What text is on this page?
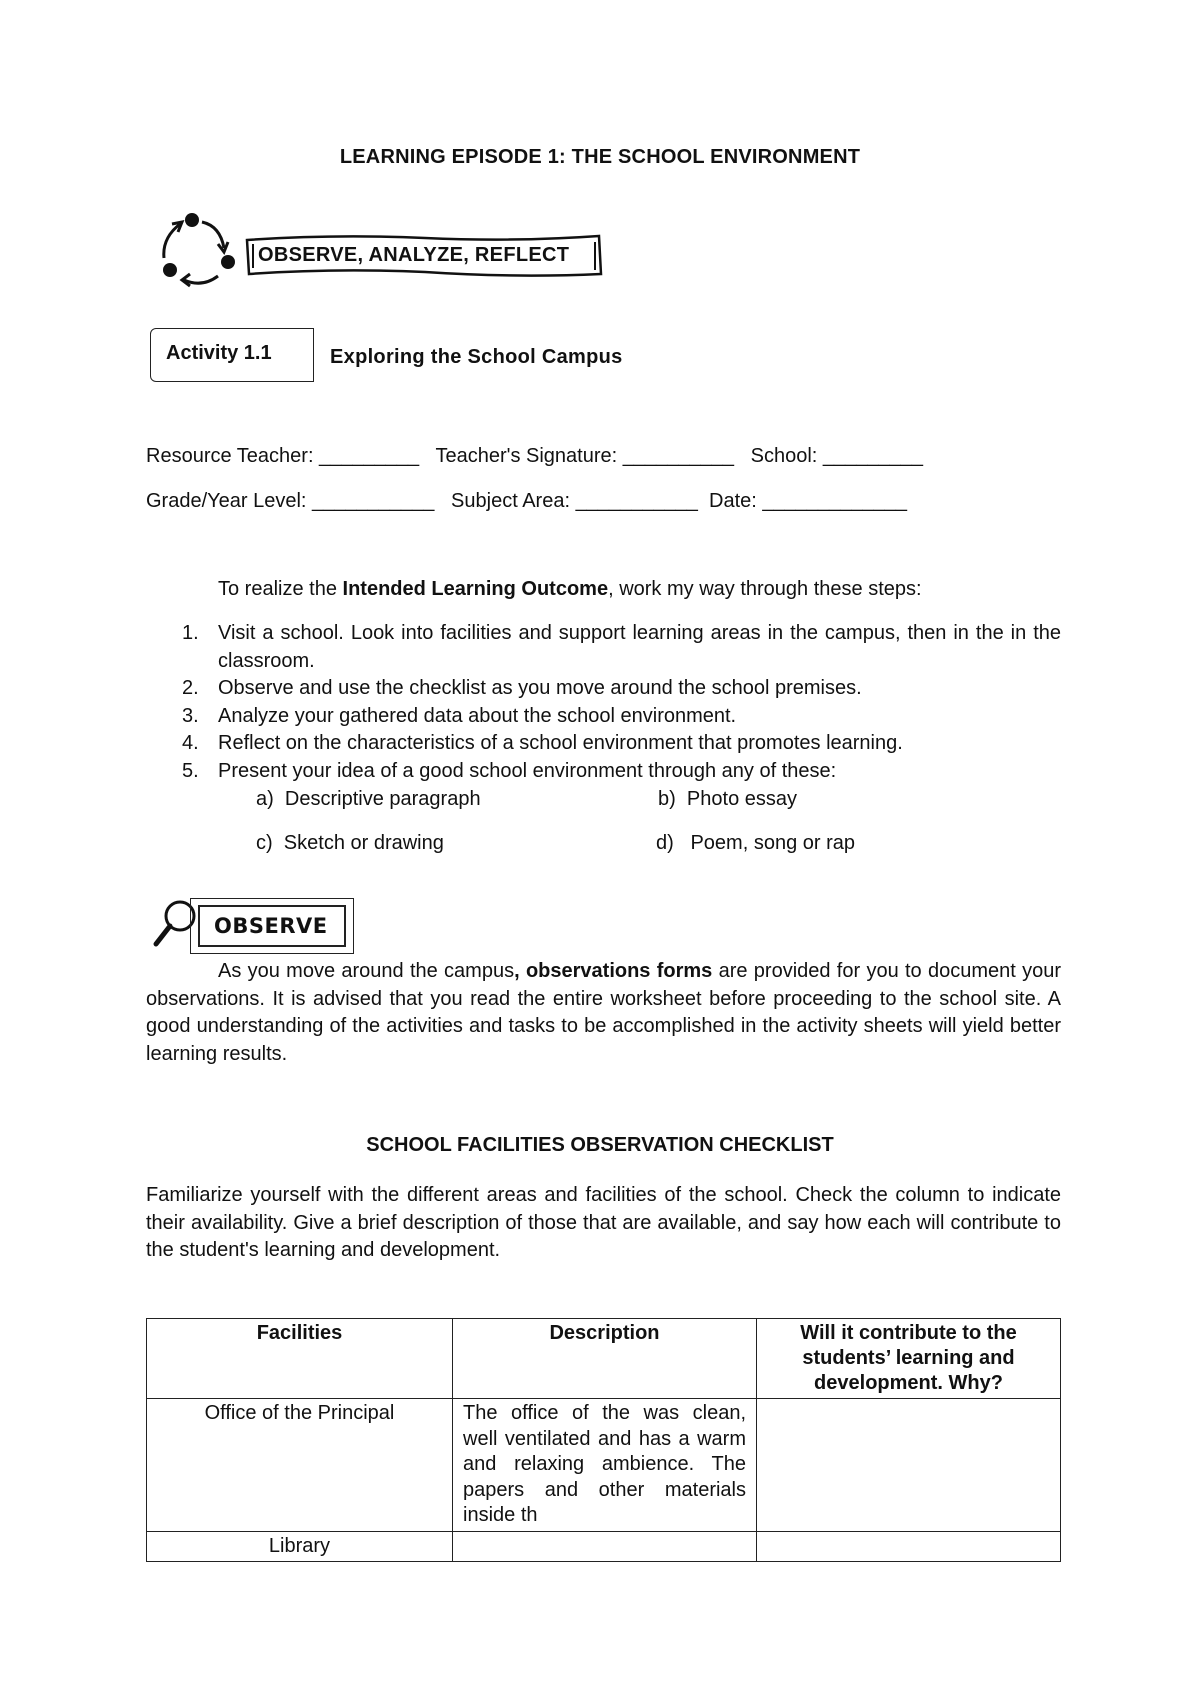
LEARNING EPISODE 1: THE SCHOOL ENVIRONMENT
OBSERVE, ANALYZE, REFLECT
Activity 1.1	Exploring the School Campus
Resource Teacher: _________   Teacher's Signature: __________   School: _________
Grade/Year Level: ___________   Subject Area: ___________  Date: _____________
To realize the Intended Learning Outcome, work my way through these steps:
1. Visit a school. Look into facilities and support learning areas in the campus, then in the in the classroom.
2. Observe and use the checklist as you move around the school premises.
3. Analyze your gathered data about the school environment.
4. Reflect on the characteristics of a school environment that promotes learning.
5. Present your idea of a good school environment through any of these:
a) Descriptive paragraph	b) Photo essay
c) Sketch or drawing	d) Poem, song or rap
OBSERVE
As you move around the campus, observations forms are provided for you to document your observations. It is advised that you read the entire worksheet before proceeding to the school site. A good understanding of the activities and tasks to be accomplished in the activity sheets will yield better learning results.
SCHOOL FACILITIES OBSERVATION CHECKLIST
Familiarize yourself with the different areas and facilities of the school. Check the column to indicate their availability. Give a brief description of those that are available, and say how each will contribute to the student's learning and development.
Facilities	Description	Will it contribute to the students’ learning and development. Why?
Office of the Principal	The office of the was clean, well ventilated and has a warm and relaxing ambience. The papers and other materials inside th	
Library		
